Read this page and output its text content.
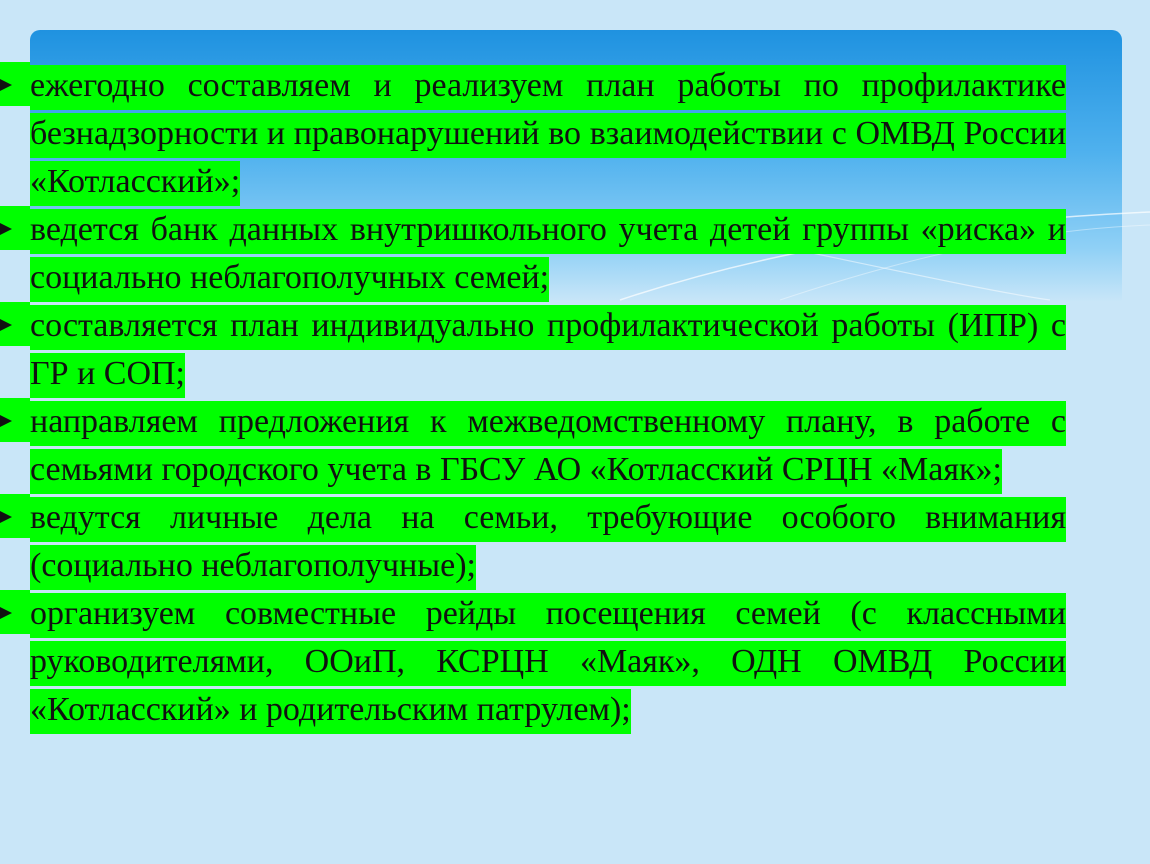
ежегодно составляем и реализуем план работы по профилактике безнадзорности и правонарушений во взаимодействии с ОМВД России «Котласский»;
ведется банк данных внутришкольного учета детей группы «риска» и социально неблагополучных семей;
составляется план индивидуально профилактической работы (ИПР) с ГР и СОП;
направляем предложения к межведомственному плану, в работе с семьями городского учета в ГБСУ АО «Котласский СРЦН «Маяк»;
ведутся личные дела на семьи, требующие особого внимания (социально неблагополучные);
организуем совместные рейды посещения семей (с классными руководителями, ООиП, КСРЦН «Маяк», ОДН ОМВД России «Котласский» и родительским патрулем);
